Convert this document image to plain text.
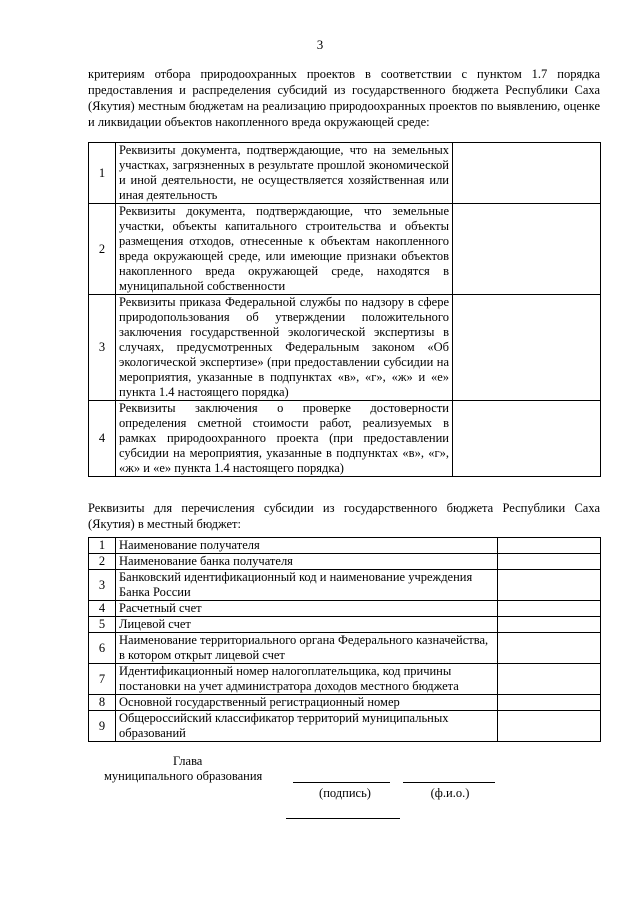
3
критериям отбора природоохранных проектов в соответствии с пунктом 1.7 порядка предоставления и распределения субсидий из государственного бюджета Республики Саха (Якутия) местным бюджетам на реализацию природоохранных проектов по выявлению, оценке и ликвидации объектов накопленного вреда окружающей среде:
1	Реквизиты документа, подтверждающие, что на земельных участках, загрязненных в результате прошлой экономической и иной деятельности, не осуществляется хозяйственная или иная деятельность	
2	Реквизиты документа, подтверждающие, что земельные участки, объекты капитального строительства и объекты размещения отходов, отнесенные к объектам накопленного вреда окружающей среде, или имеющие признаки объектов накопленного вреда окружающей среде, находятся в муниципальной собственности	
3	Реквизиты приказа Федеральной службы по надзору в сфере природопользования об утверждении положительного заключения государственной экологической экспертизы в случаях, предусмотренных Федеральным законом «Об экологической экспертизе» (при предоставлении субсидии на мероприятия, указанные в подпунктах «в», «г», «ж» и «е» пункта 1.4 настоящего порядка)	
4	Реквизиты заключения о проверке достоверности определения сметной стоимости работ, реализуемых в рамках природоохранного проекта (при предоставлении субсидии на мероприятия, указанные в подпунктах «в», «г», «ж» и «е» пункта 1.4 настоящего порядка)	
Реквизиты для перечисления субсидии из государственного бюджета Республики Саха (Якутия) в местный бюджет:
1	Наименование получателя	
2	Наименование банка получателя	
3	Банковский идентификационный код и наименование учреждения Банка России	
4	Расчетный счет	
5	Лицевой счет	
6	Наименование территориального органа Федерального казначейства, в котором открыт лицевой счет	
7	Идентификационный номер налогоплательщика, код причины постановки на учет администратора доходов местного бюджета	
8	Основной государственный регистрационный номер	
9	Общероссийский классификатор территорий муниципальных образований	
Глава
муниципального образования
(подпись)	(ф.и.о.)
